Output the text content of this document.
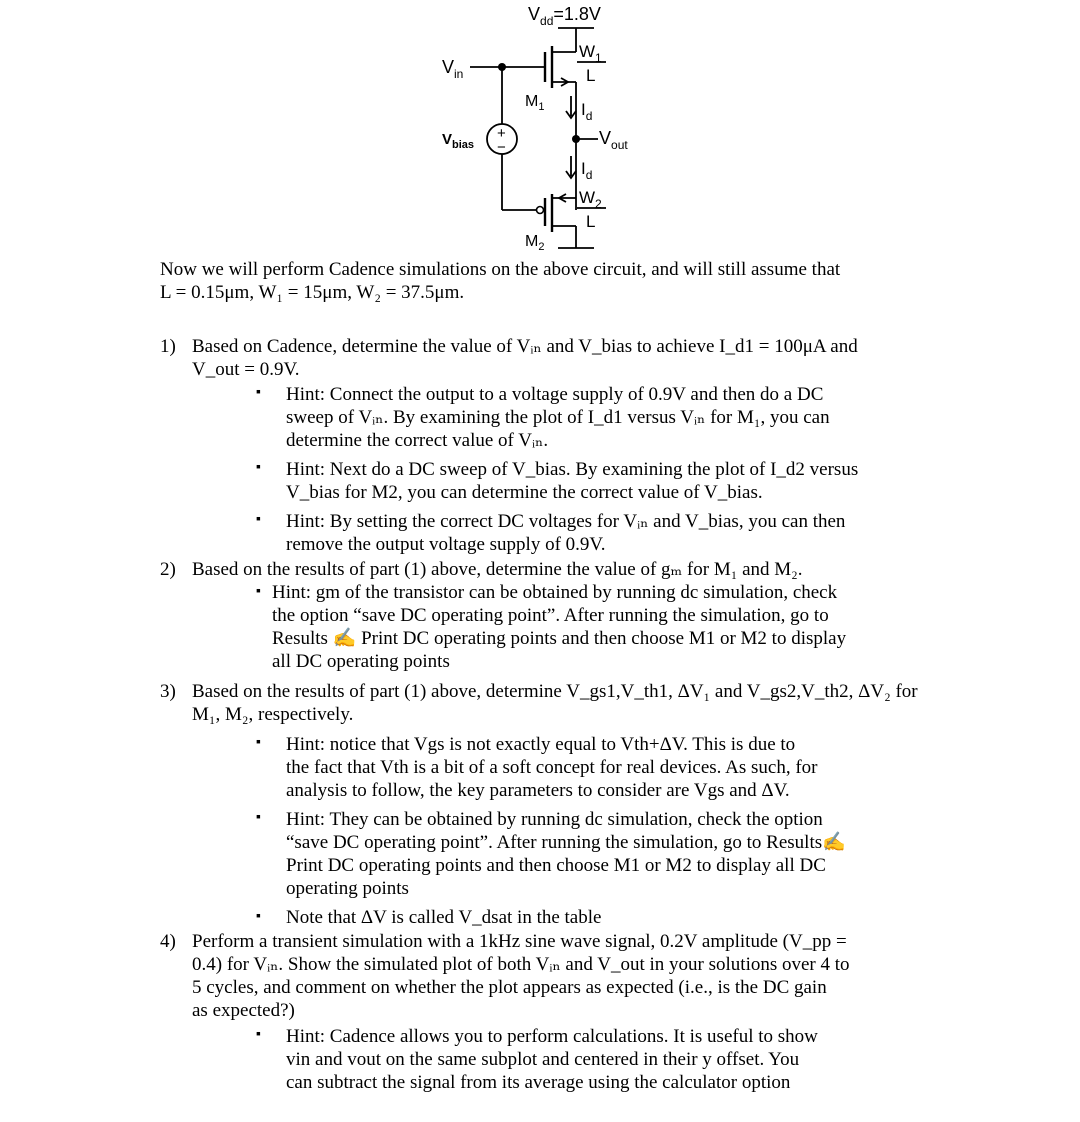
$V_{dd}=1.8V$
$V_{in}$
$V_{bias}$	$V_{out}$
$M_1$
$M_2$
$W_1$
L
$W_2$
L
$I_d$
$I_d$
+
−
Now we will perform Cadence simulations on the above circuit, and will still assume that
L = 0.15μm, W₁ = 15μm, W₂ = 37.5μm.
1) Based on Cadence, determine the value of Vᵢₙ and V_bias to achieve I_d1 = 100μA and
V_out = 0.9V.
▪ Hint: Connect the output to a voltage supply of 0.9V and then do a DC
sweep of Vᵢₙ. By examining the plot of I_d1 versus Vᵢₙ for M₁, you can
determine the correct value of Vᵢₙ.
▪ Hint: Next do a DC sweep of V_bias. By examining the plot of I_d2 versus
V_bias for M2, you can determine the correct value of V_bias.
▪ Hint: By setting the correct DC voltages for Vᵢₙ and V_bias, you can then
remove the output voltage supply of 0.9V.
2) Based on the results of part (1) above, determine the value of gₘ for M₁ and M₂.
▪ Hint: gm of the transistor can be obtained by running dc simulation, check
the option “save DC operating point”. After running the simulation, go to
Results ✍ Print DC operating points and then choose M1 or M2 to display
all DC operating points
3) Based on the results of part (1) above, determine V_gs1,V_th1, ΔV₁ and V_gs2,V_th2, ΔV₂ for
M₁, M₂, respectively.
▪ Hint: notice that Vgs is not exactly equal to Vth+ΔV. This is due to
the fact that Vth is a bit of a soft concept for real devices. As such, for
analysis to follow, the key parameters to consider are Vgs and ΔV.
▪ Hint: They can be obtained by running dc simulation, check the option
“save DC operating point”. After running the simulation, go to Results✍
Print DC operating points and then choose M1 or M2 to display all DC
operating points
▪ Note that ΔV is called V_dsat in the table
4) Perform a transient simulation with a 1kHz sine wave signal, 0.2V amplitude (V_pp =
0.4) for Vᵢₙ. Show the simulated plot of both Vᵢₙ and V_out in your solutions over 4 to
5 cycles, and comment on whether the plot appears as expected (i.e., is the DC gain
as expected?)
▪ Hint: Cadence allows you to perform calculations. It is useful to show
vin and vout on the same subplot and centered in their y offset. You
can subtract the signal from its average using the calculator option
